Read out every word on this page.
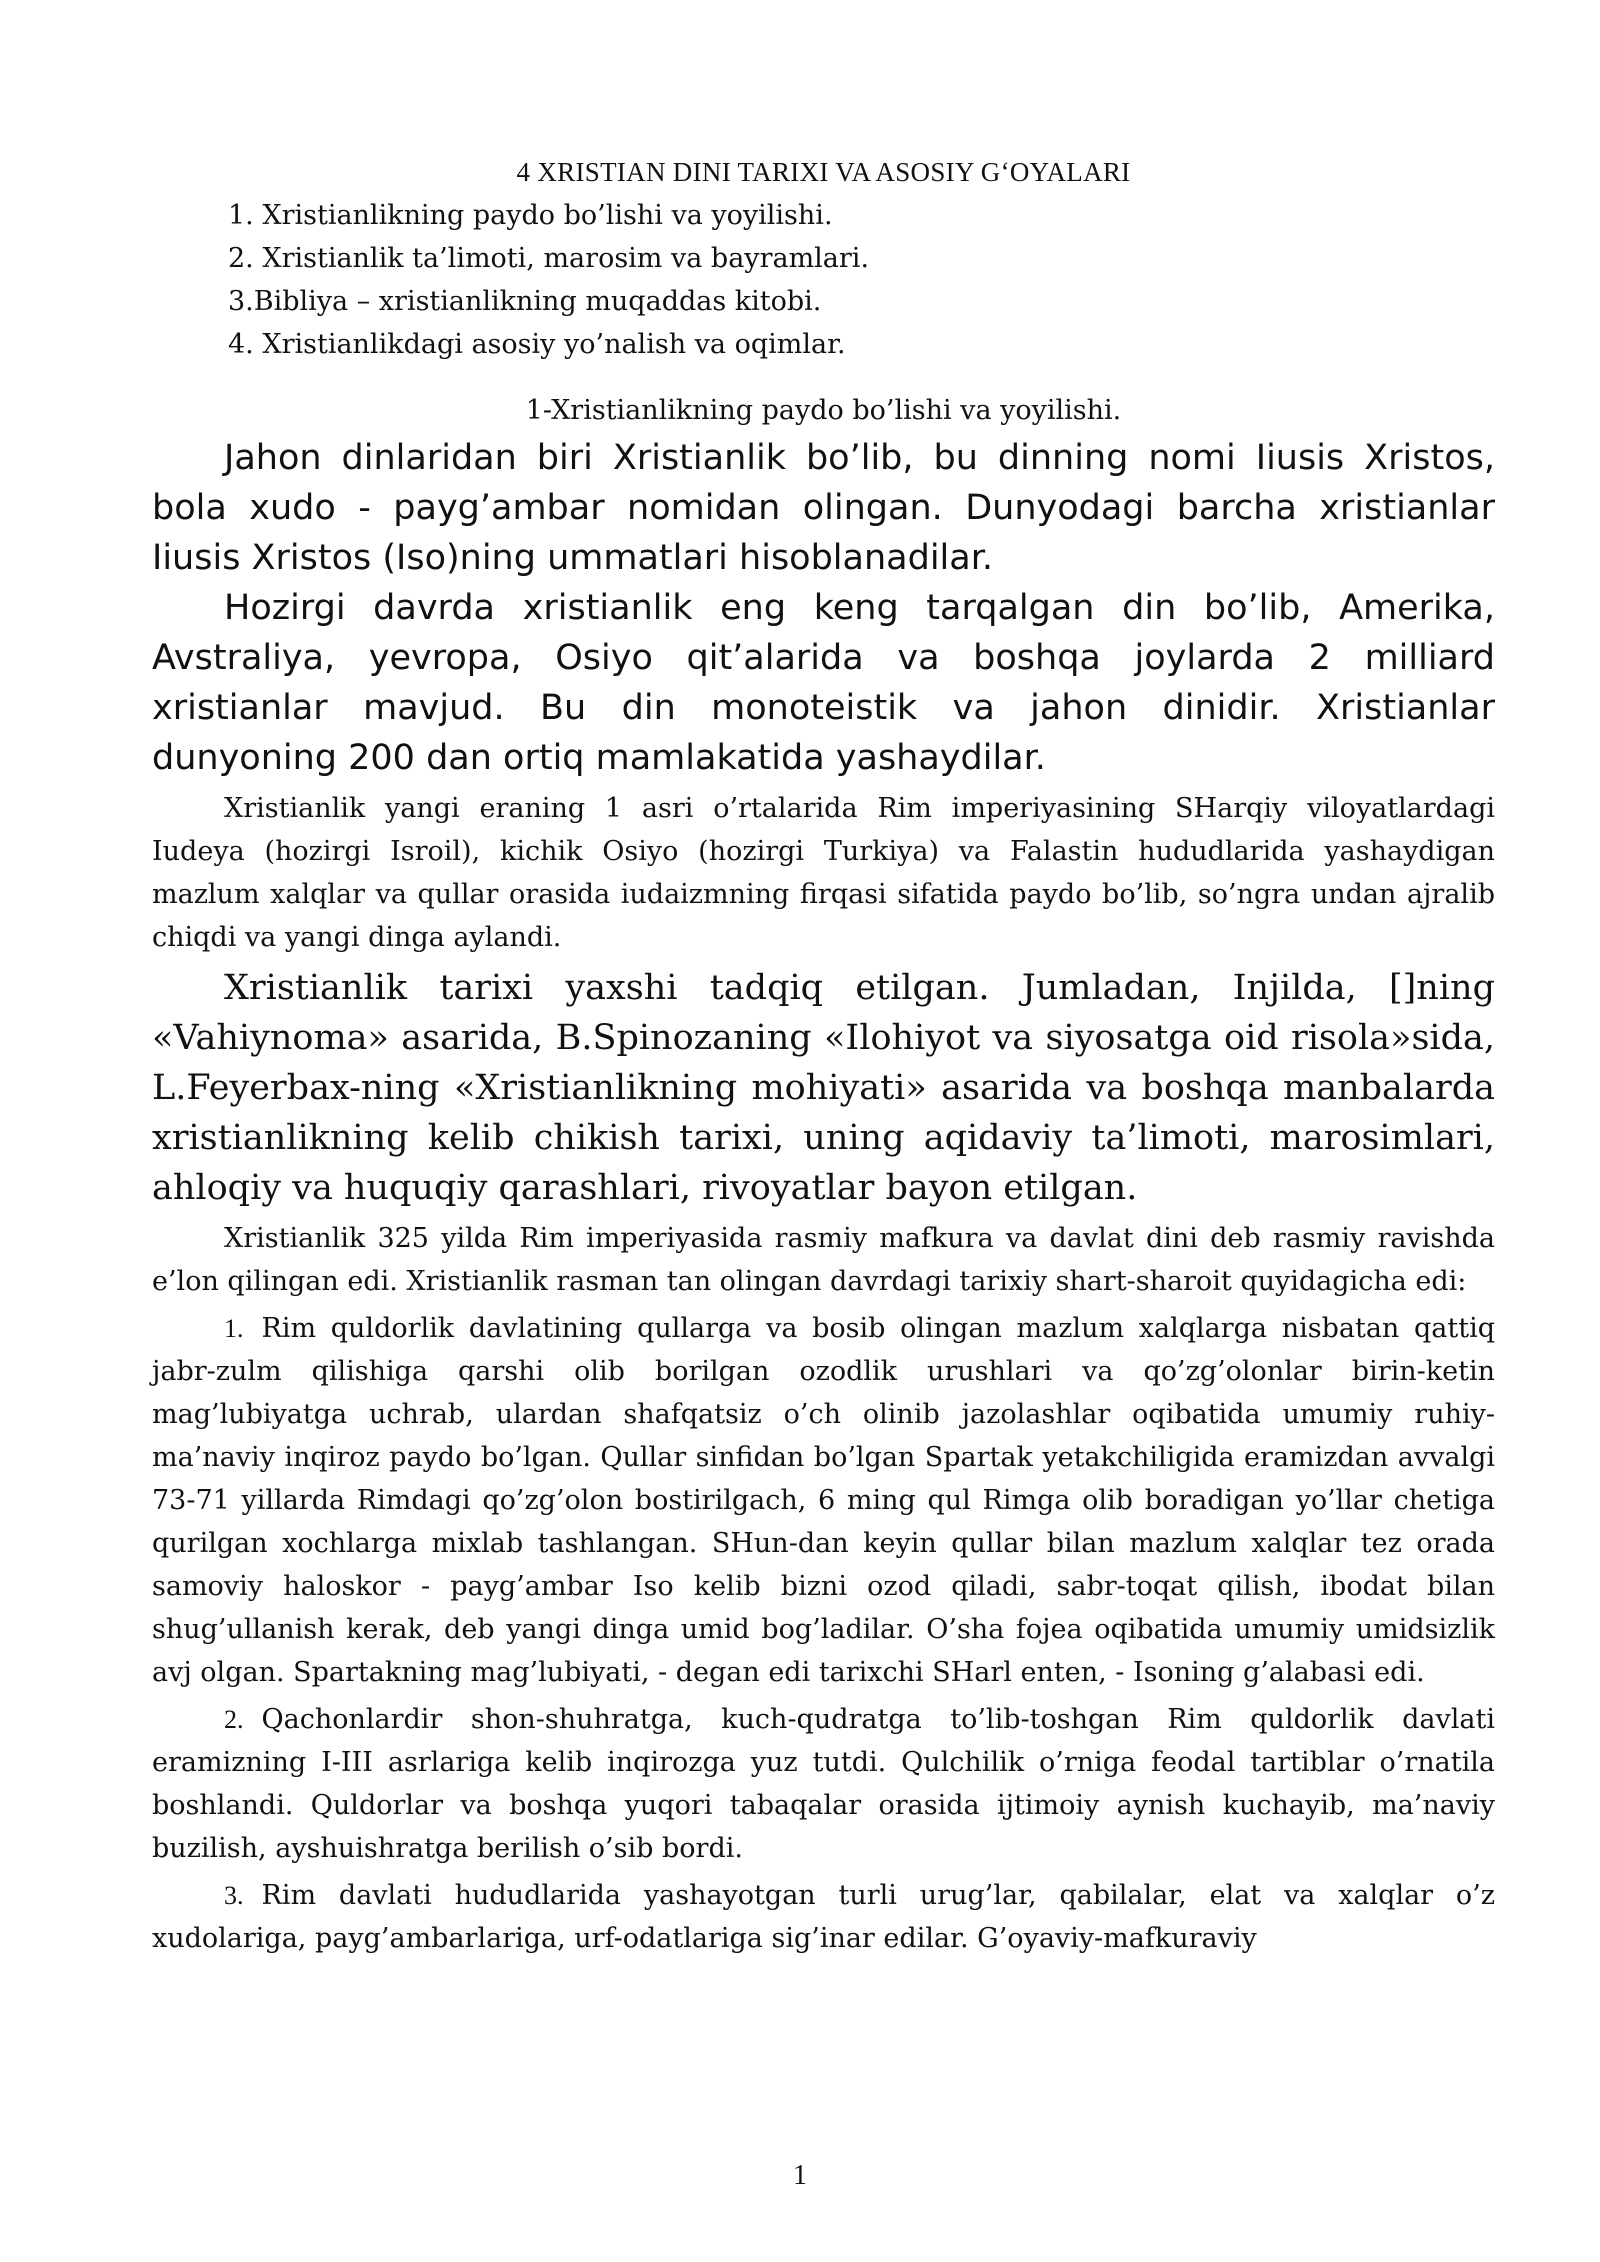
4 XRISTIAN DINI TARIXI VA ASOSIY G‘OYALARI
1. Xristianlikning paydo bo’lishi va yoyilishi.
2. Xristianlik ta’limoti, marosim va bayramlari.
3.Bibliya – xristianlikning muqaddas kitobi.
4. Xristianlikdagi asosiy yo’nalish va oqimlar.
1-Xristianlikning paydo bo’lishi va yoyilishi.

Jahon dinlaridan biri Xristianlik bo’lib, bu dinning nomi Iiusis Xristos, bola xudo - payg’ambar nomidan olingan. Dunyodagi barcha xristianlar Iiusis Xristos (Iso)ning ummatlari hisoblanadilar.

Hozirgi davrda xristianlik eng keng tarqalgan din bo’lib, Amerika, Avstraliya, yevropa, Osiyo qit’alarida va boshqa joylarda 2 milliard xristianlar mavjud. Bu din monoteistik va jahon dinidir. Xristianlar dunyoning 200 dan ortiq mamlakatida yashaydilar.

Xristianlik yangi eraning 1 asri o’rtalarida Rim imperiyasining SHarqiy viloyatlardagi Iudeya (hozirgi Isroil), kichik Osiyo (hozirgi Turkiya) va Falastin hududlarida yashaydigan mazlum xalqlar va qullar orasida iudaizmning firqasi sifatida paydo bo’lib, so’ngra undan ajralib chiqdi va yangi dinga aylandi.

Xristianlik tarixi yaxshi tadqiq etilgan. Jumladan, Injilda, []ning «Vahiynoma» asarida, B.Spinozaning «Ilohiyot va siyosatga oid risola»sida, L.Feyerbax-ning «Xristianlikning mohiyati» asarida va boshqa manbalarda xristianlikning kelib chikish tarixi, uning aqidaviy ta’limoti, marosimlari, ahloqiy va huquqiy qarashlari, rivoyatlar bayon etilgan.

Xristianlik 325 yilda Rim imperiyasida rasmiy mafkura va davlat dini deb rasmiy ravishda e’lon qilingan edi. Xristianlik rasman tan olingan davrdagi tarixiy shart-sharoit quyidagicha edi:

1. Rim quldorlik davlatining qullarga va bosib olingan mazlum xalqlarga nisbatan qattiq jabr-zulm qilishiga qarshi olib borilgan ozodlik urushlari va qo’zg’olonlar birin-ketin mag’lubiyatga uchrab, ulardan shafqatsiz o’ch olinib jazolashlar oqibatida umumiy ruhiy-ma’naviy inqiroz paydo bo’lgan. Qullar sinfidan bo’lgan Spartak yetakchiligida eramizdan avvalgi 73-71 yillarda Rimdagi qo’zg’olon bostirilgach, 6 ming qul Rimga olib boradigan yo’llar chetiga qurilgan xochlarga mixlab tashlangan. SHun-dan keyin qullar bilan mazlum xalqlar tez orada samoviy haloskor - payg’ambar Iso kelib bizni ozod qiladi, sabr-toqat qilish, ibodat bilan shug’ullanish kerak, deb yangi dinga umid bog’ladilar. O’sha fojea oqibatida umumiy umidsizlik avj olgan. Spartakning mag’lubiyati, - degan edi tarixchi SHarl enten, - Isoning g’alabasi edi.

2. Qachonlardir shon-shuhratga, kuch-qudratga to’lib-toshgan Rim quldorlik davlati eramizning I-III asrlariga kelib inqirozga yuz tutdi. Qulchilik o’rniga feodal tartiblar o’rnatila boshlandi. Quldorlar va boshqa yuqori tabaqalar orasida ijtimoiy aynish kuchayib, ma’naviy buzilish, ayshuishratga berilish o’sib bordi.

3. Rim davlati hududlarida yashayotgan turli urug’lar, qabilalar, elat va xalqlar o’z xudolariga, payg’ambarlariga, urf-odatlariga sig’inar edilar. G’oyaviy-mafkuraviy

1
